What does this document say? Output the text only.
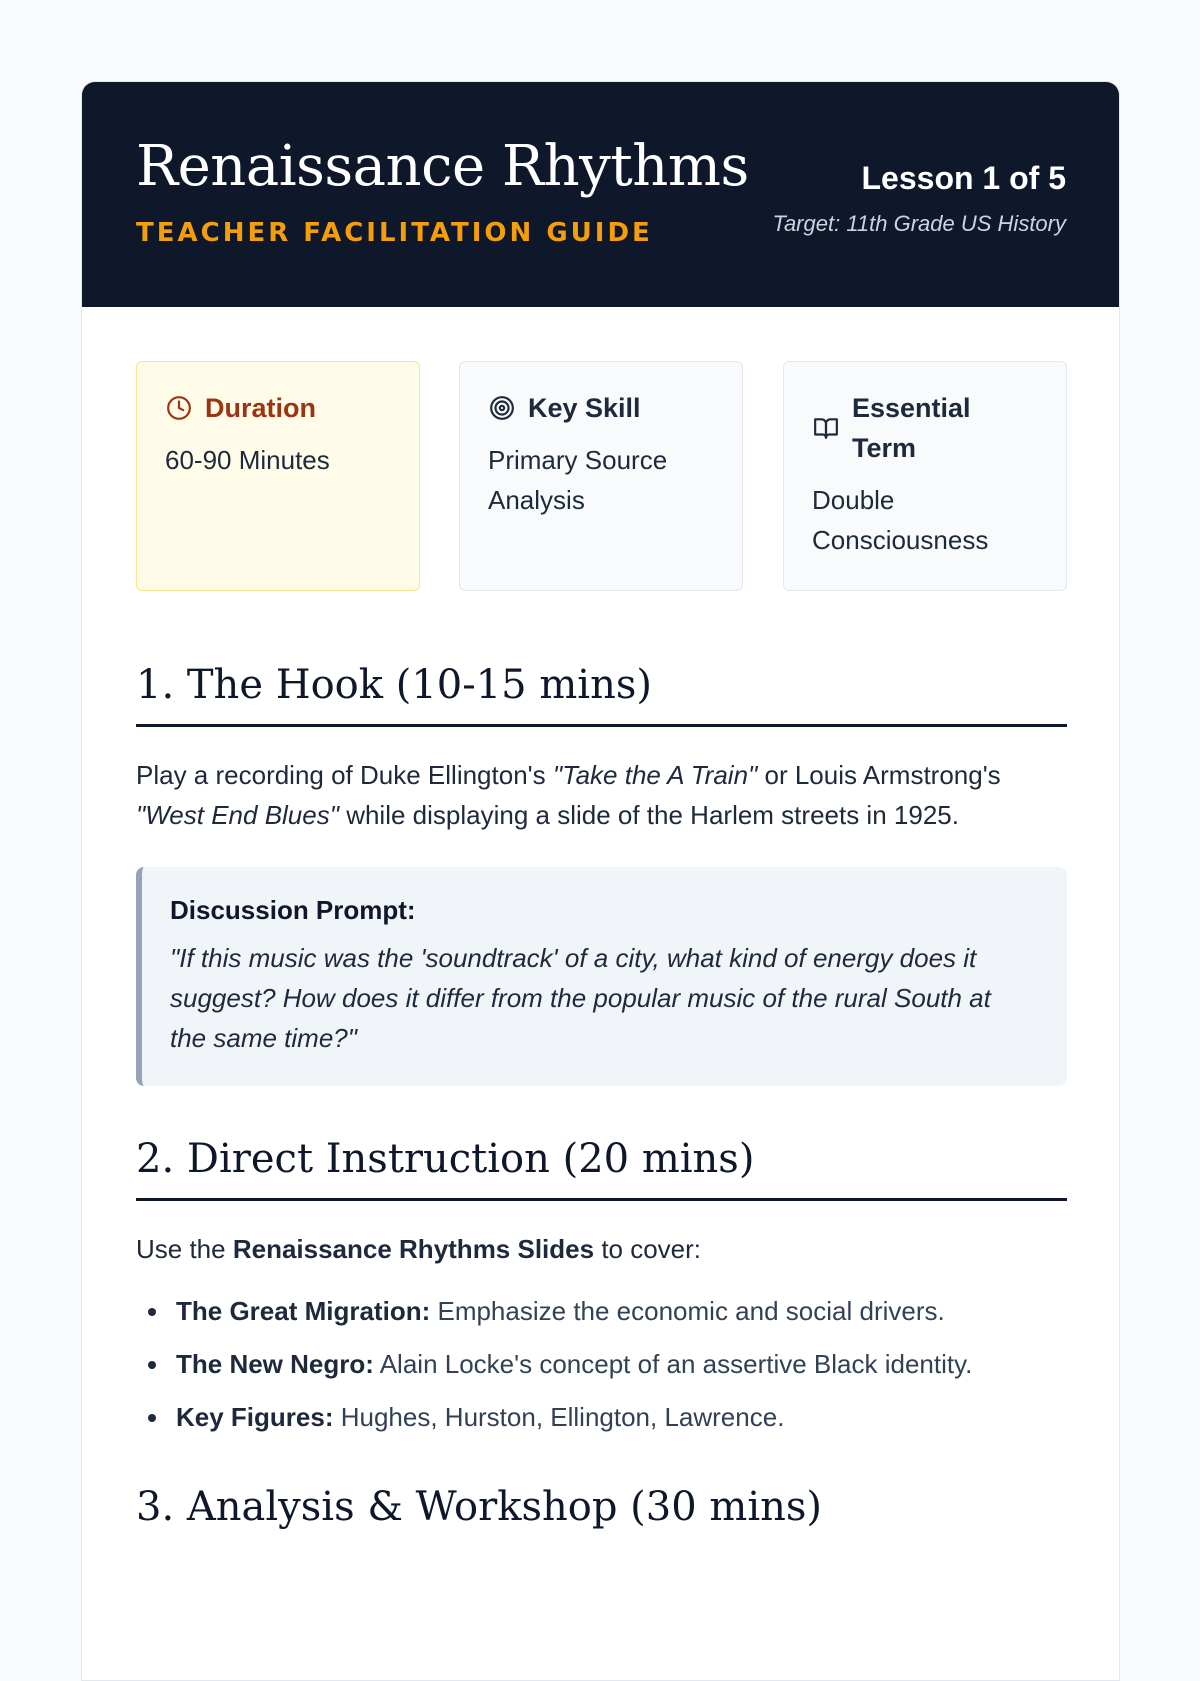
Renaissance Rhythms
TEACHER FACILITATION GUIDE
Lesson 1 of 5
Target: 11th Grade US History
Duration
60-90 Minutes
Key Skill
Primary Source Analysis
Essential Term
Double Consciousness
1. The Hook (10-15 mins)

Play a recording of Duke Ellington's "Take the A Train" or Louis Armstrong's "West End Blues" while displaying a slide of the Harlem streets in 1925.

Discussion Prompt:
"If this music was the 'soundtrack' of a city, what kind of energy does it suggest? How does it differ from the popular music of the rural South at the same time?"
2. Direct Instruction (20 mins)

Use the Renaissance Rhythms Slides to cover:

The Great Migration: Emphasize the economic and social drivers.
The New Negro: Alain Locke's concept of an assertive Black identity.
Key Figures: Hughes, Hurston, Ellington, Lawrence.
3. Analysis & Workshop (30 mins)
